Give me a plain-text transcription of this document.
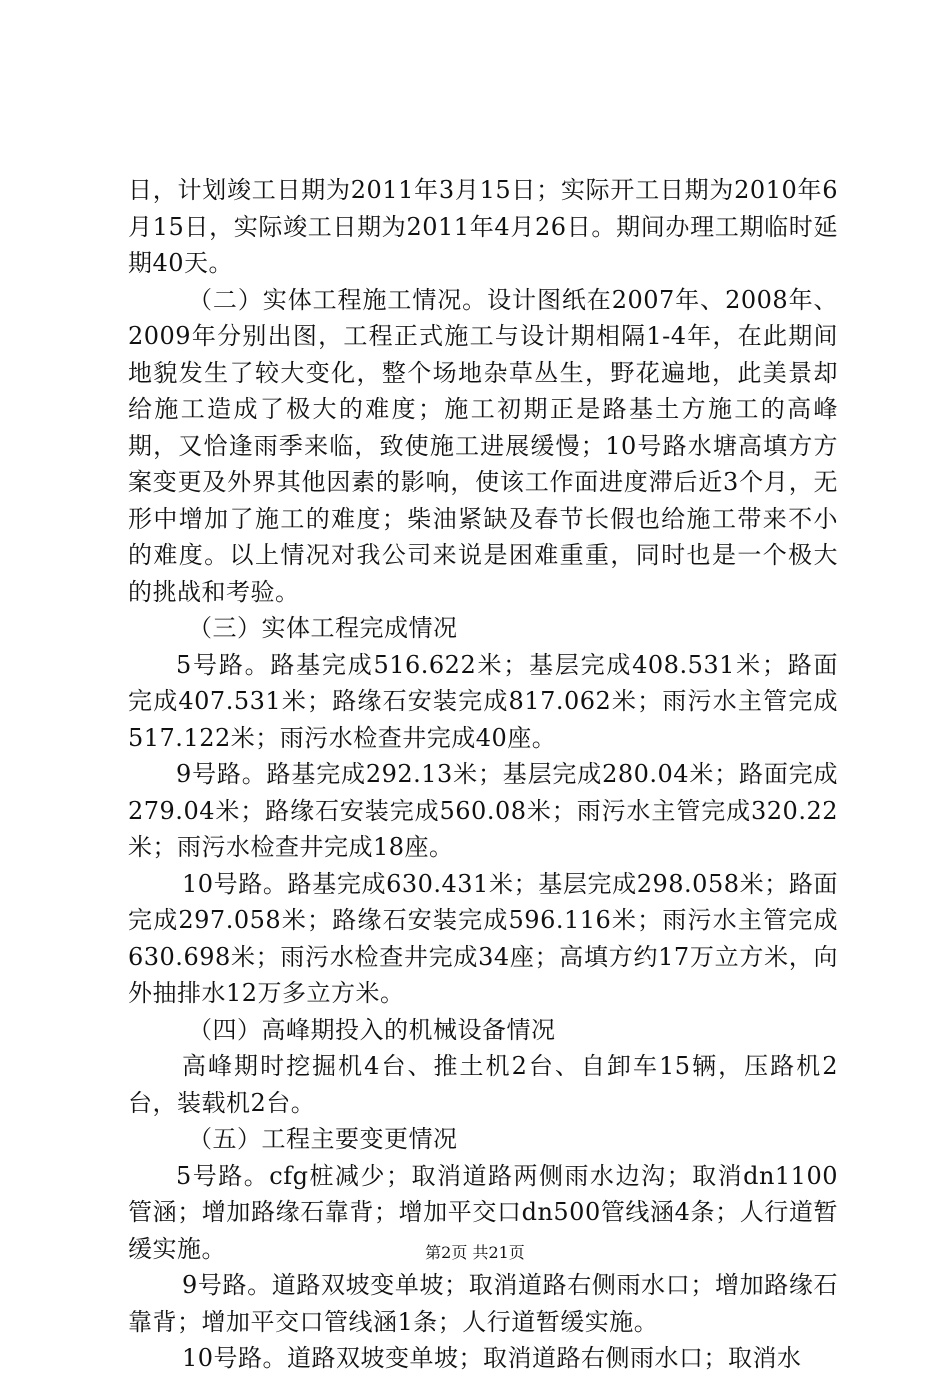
日，计划竣工日期为2011年3月15日；实际开工日期为2010年6月15日，实际竣工日期为2011年4月26日。期间办理工期临时延期40天。

（二）实体工程施工情况。设计图纸在2007年、2008年、2009年分别出图，工程正式施工与设计期相隔1-4年，在此期间地貌发生了较大变化，整个场地杂草丛生，野花遍地，此美景却给施工造成了极大的难度；施工初期正是路基土方施工的高峰期，又恰逢雨季来临，致使施工进展缓慢；10号路水塘高填方方案变更及外界其他因素的影响，使该工作面进度滞后近3个月，无形中增加了施工的难度；柴油紧缺及春节长假也给施工带来不小的难度。以上情况对我公司来说是困难重重，同时也是一个极大的挑战和考验。

（三）实体工程完成情况

5号路。路基完成516.622米；基层完成408.531米；路面完成407.531米；路缘石安装完成817.062米；雨污水主管完成517.122米；雨污水检查井完成40座。

9号路。路基完成292.13米；基层完成280.04米；路面完成279.04米；路缘石安装完成560.08米；雨污水主管完成320.22米；雨污水检查井完成18座。

10号路。路基完成630.431米；基层完成298.058米；路面完成297.058米；路缘石安装完成596.116米；雨污水主管完成630.698米；雨污水检查井完成34座；高填方约17万立方米，向外抽排水12万多立方米。

（四）高峰期投入的机械设备情况

高峰期时挖掘机4台、推土机2台、自卸车15辆，压路机2台，装载机2台。

（五）工程主要变更情况

5号路。cfg桩减少；取消道路两侧雨水边沟；取消dn1100管涵；增加路缘石靠背；增加平交口dn500管线涵4条；人行道暂缓实施。

9号路。道路双坡变单坡；取消道路右侧雨水口；增加路缘石靠背；增加平交口管线涵1条；人行道暂缓实施。

10号路。道路双坡变单坡；取消道路右侧雨水口；取消水

第2页 共21页
